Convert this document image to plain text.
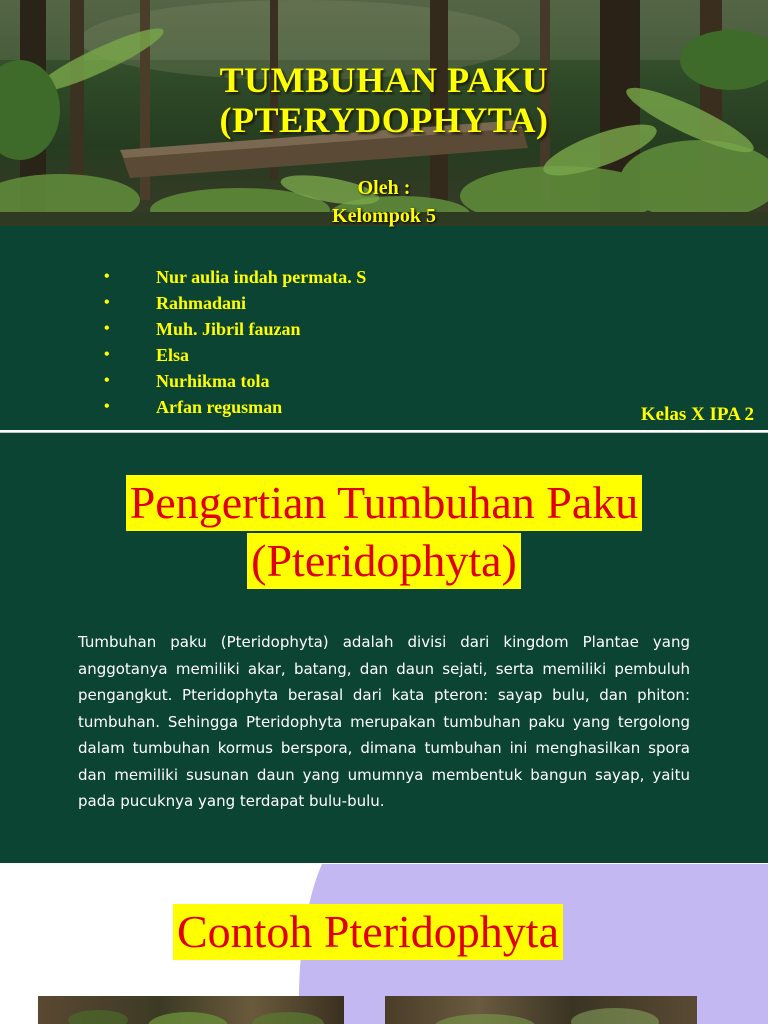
TUMBUHAN PAKU
(PTERYDOPHYTA)
Oleh :
Kelompok 5
•	Nur aulia indah permata. S
•	Rahmadani
•	Muh. Jibril fauzan
•	Elsa
•	Nurhikma tola
•	Arfan regusman	Kelas X IPA 2
Pengertian Tumbuhan Paku
(Pteridophyta)

Tumbuhan paku (Pteridophyta) adalah divisi dari kingdom Plantae yang anggotanya memiliki akar, batang, dan daun sejati, serta memiliki pembuluh pengangkut. Pteridophyta berasal dari kata pteron: sayap bulu, dan phiton: tumbuhan. Sehingga Pteridophyta merupakan tumbuhan paku yang tergolong dalam tumbuhan kormus berspora, dimana tumbuhan ini menghasilkan spora dan memiliki susunan daun yang umumnya membentuk bangun sayap, yaitu pada pucuknya yang terdapat bulu-bulu.

Contoh Pteridophyta
